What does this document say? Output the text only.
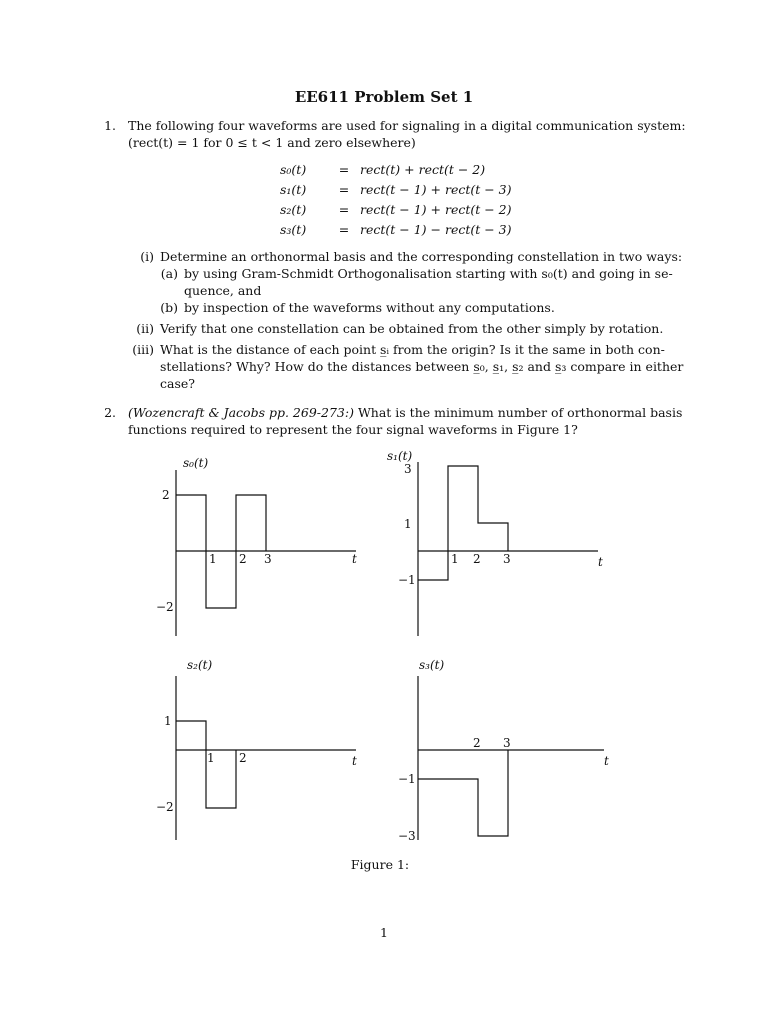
EE611 Problem Set 1
1. The following four waveforms are used for signaling in a digital communication system:
(rect(t) = 1 for 0 ≤ t < 1 and zero elsewhere)
s₀(t)	= rect(t) + rect(t − 2)
s₁(t)	= rect(t − 1) + rect(t − 3)
s₂(t)	= rect(t − 1) + rect(t − 2)
s₃(t)	= rect(t − 1) − rect(t − 3)
(i) Determine an orthonormal basis and the corresponding constellation in two ways:
(a) by using Gram-Schmidt Orthogonalisation starting with s₀(t) and going in se-
quence, and
(b) by inspection of the waveforms without any computations.
(ii) Verify that one constellation can be obtained from the other simply by rotation.
(iii) What is the distance of each point s̲ᵢ from the origin? Is it the same in both con-
stellations? Why? How do the distances between s̲₀, s̲₁, s̲₂ and s̲₃ compare in either
case?
2. (Wozencraft & Jacobs pp. 269-273:) What is the minimum number of orthonormal basis
functions required to represent the four signal waveforms in Figure 1?
s₀(t)
2
−2
1 2 3	t
s₁(t)
3
1
−1
1 2 3	t
s₂(t)
1
−2
1 2	t
s₃(t)
−1
−3
2 3
t
Figure 1:
1
